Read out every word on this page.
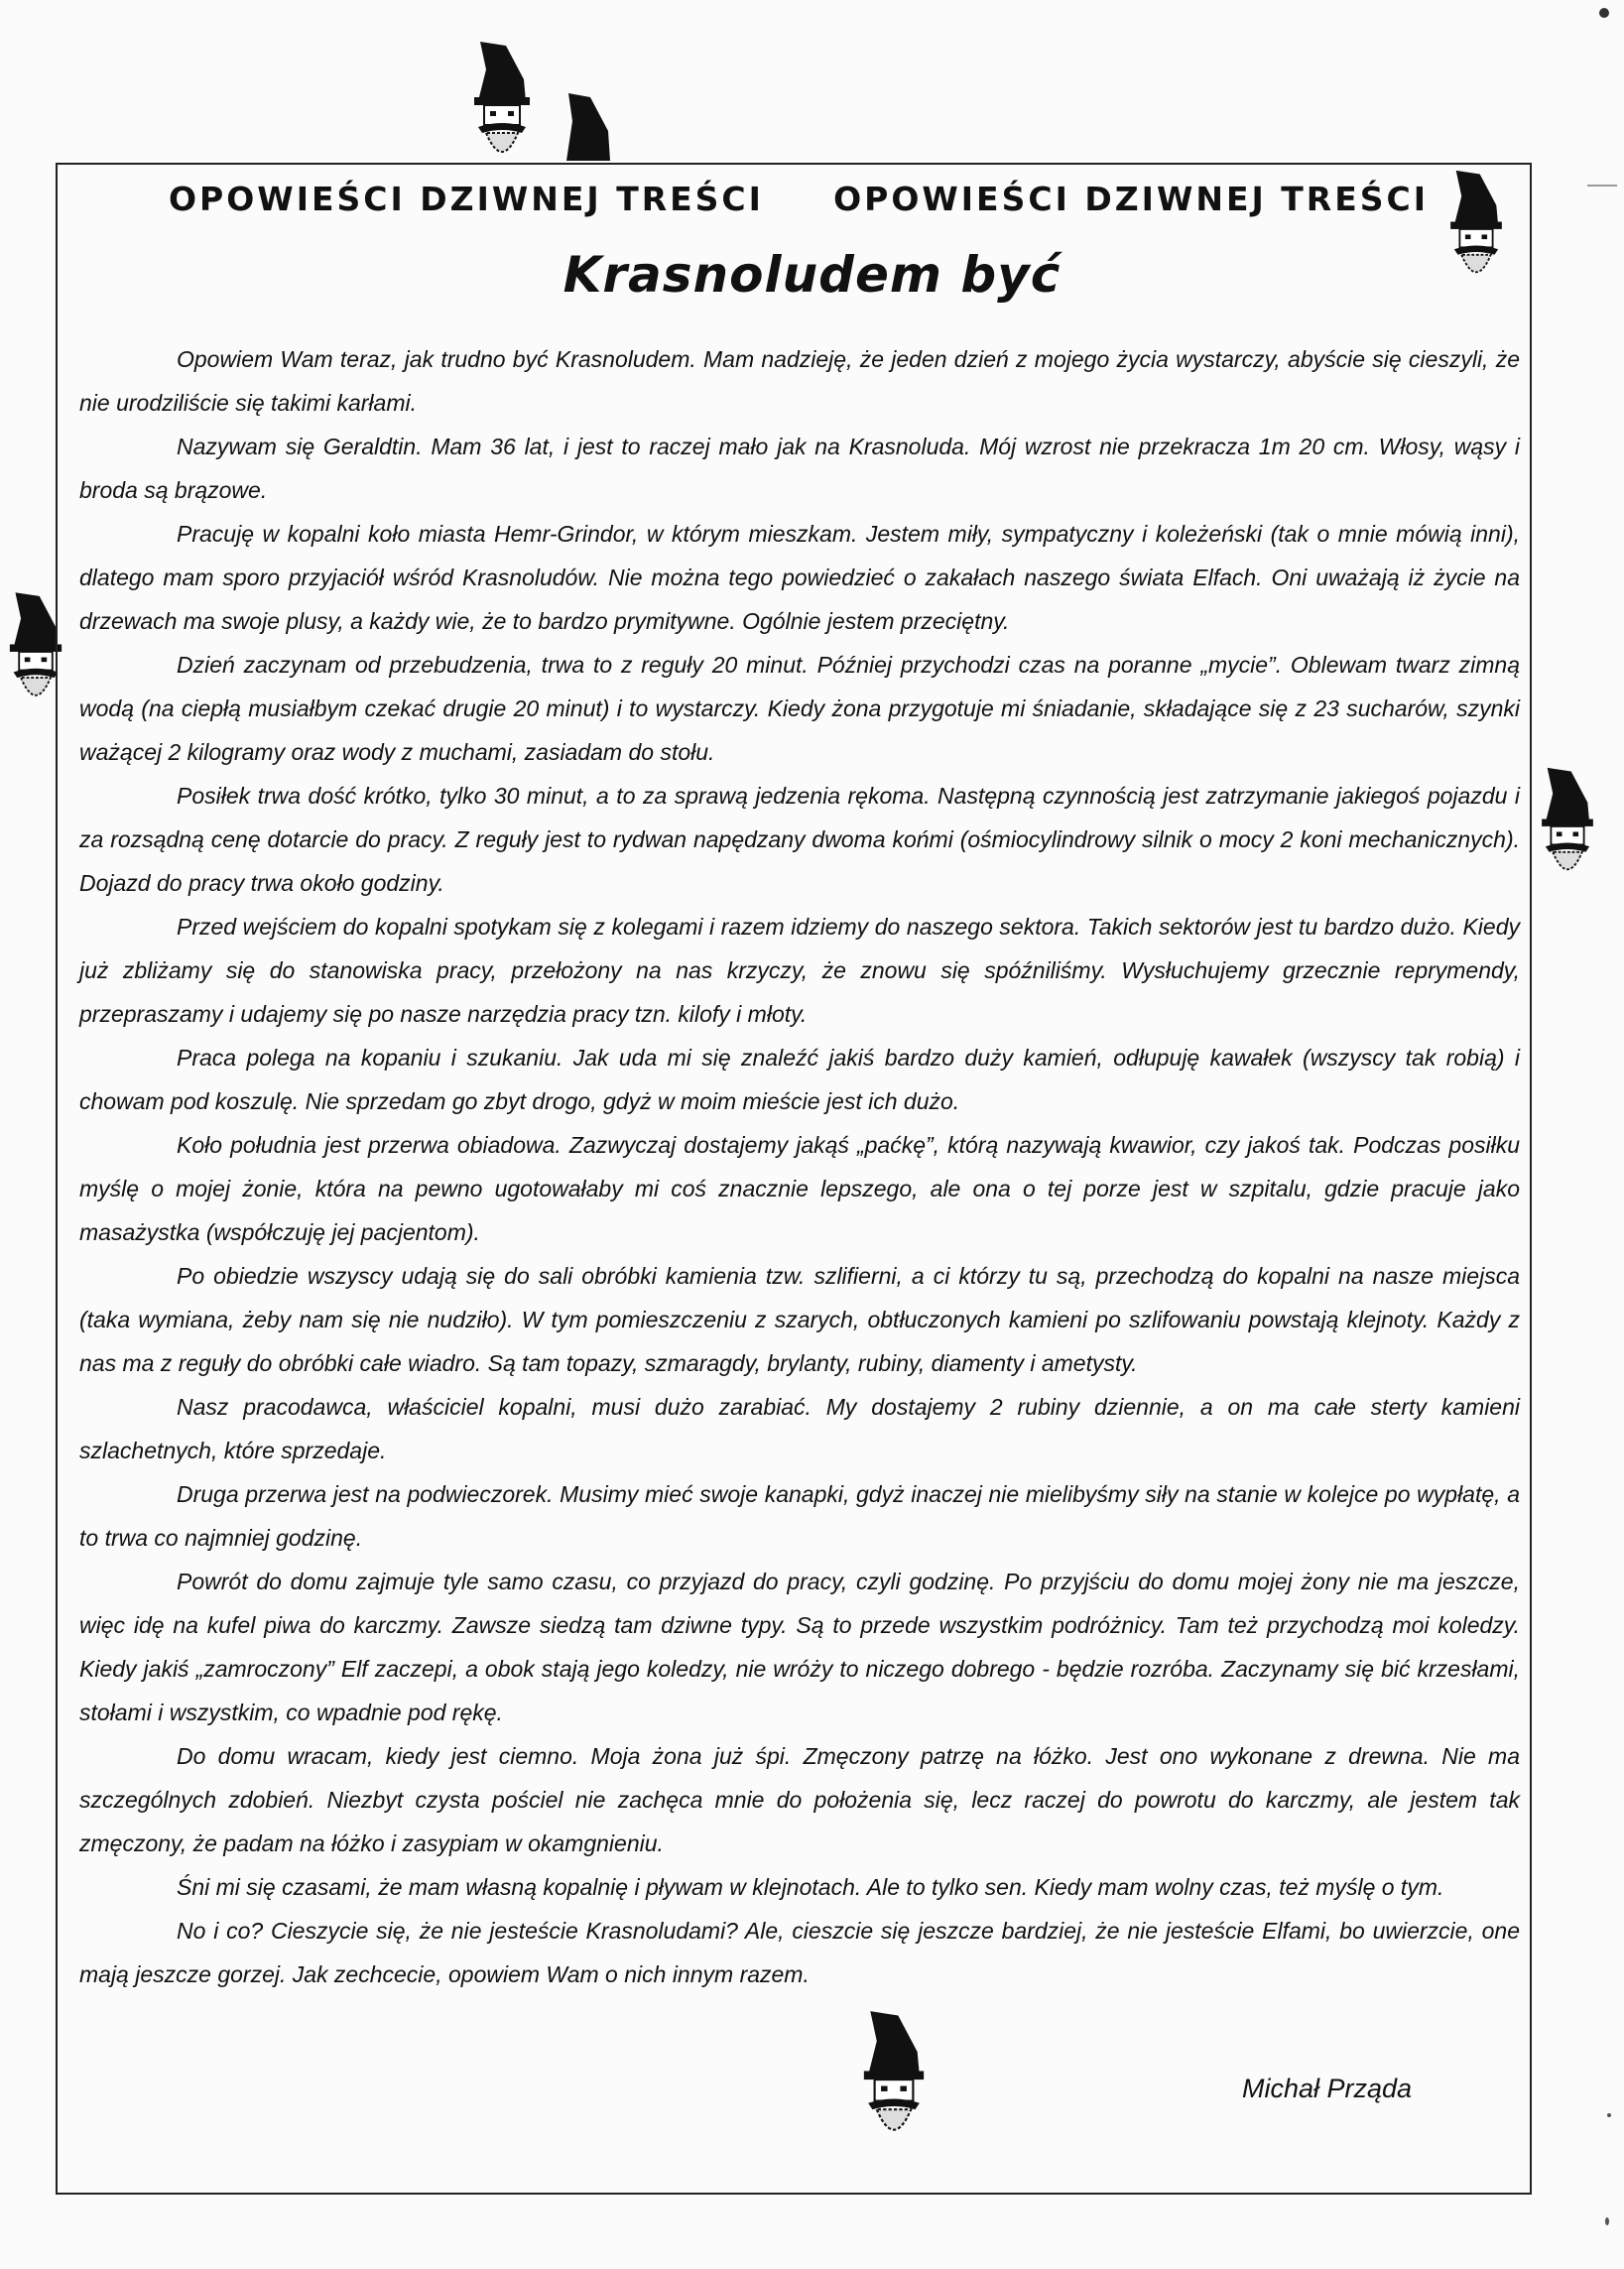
OPOWIEŚCI DZIWNEJ TREŚCI OPOWIEŚCI DZIWNEJ TREŚCI
Krasnoludem być

Opowiem Wam teraz, jak trudno być Krasnoludem. Mam nadzieję, że jeden dzień z mojego życia wystarczy, abyście się cieszyli, że nie urodziliście się takimi karłami.

Nazywam się Geraldtin. Mam 36 lat, i jest to raczej mało jak na Krasnoluda. Mój wzrost nie przekracza 1m 20 cm. Włosy, wąsy i broda są brązowe.

Pracuję w kopalni koło miasta Hemr-Grindor, w którym mieszkam. Jestem miły, sympatyczny i koleżeński (tak o mnie mówią inni), dlatego mam sporo przyjaciół wśród Krasnoludów. Nie można tego powiedzieć o zakałach naszego świata Elfach. Oni uważają iż życie na drzewach ma swoje plusy, a każdy wie, że to bardzo prymitywne. Ogólnie jestem przeciętny.

Dzień zaczynam od przebudzenia, trwa to z reguły 20 minut. Później przychodzi czas na poranne „mycie”. Oblewam twarz zimną wodą (na ciepłą musiałbym czekać drugie 20 minut) i to wystarczy. Kiedy żona przygotuje mi śniadanie, składające się z 23 sucharów, szynki ważącej 2 kilogramy oraz wody z muchami, zasiadam do stołu.

Posiłek trwa dość krótko, tylko 30 minut, a to za sprawą jedzenia rękoma. Następną czynnością jest zatrzymanie jakiegoś pojazdu i za rozsądną cenę dotarcie do pracy. Z reguły jest to rydwan napędzany dwoma końmi (ośmiocylindrowy silnik o mocy 2 koni mechanicznych). Dojazd do pracy trwa około godziny.

Przed wejściem do kopalni spotykam się z kolegami i razem idziemy do naszego sektora. Takich sektorów jest tu bardzo dużo. Kiedy już zbliżamy się do stanowiska pracy, przełożony na nas krzyczy, że znowu się spóźniliśmy. Wysłuchujemy grzecznie reprymendy, przepraszamy i udajemy się po nasze narzędzia pracy tzn. kilofy i młoty.

Praca polega na kopaniu i szukaniu. Jak uda mi się znaleźć jakiś bardzo duży kamień, odłupuję kawałek (wszyscy tak robią) i chowam pod koszulę. Nie sprzedam go zbyt drogo, gdyż w moim mieście jest ich dużo.

Koło południa jest przerwa obiadowa. Zazwyczaj dostajemy jakąś „paćkę”, którą nazywają kwawior, czy jakoś tak. Podczas posiłku myślę o mojej żonie, która na pewno ugotowałaby mi coś znacznie lepszego, ale ona o tej porze jest w szpitalu, gdzie pracuje jako masażystka (współczuję jej pacjentom).

Po obiedzie wszyscy udają się do sali obróbki kamienia tzw. szlifierni, a ci którzy tu są, przechodzą do kopalni na nasze miejsca (taka wymiana, żeby nam się nie nudziło). W tym pomieszczeniu z szarych, obtłuczonych kamieni po szlifowaniu powstają klejnoty. Każdy z nas ma z reguły do obróbki całe wiadro. Są tam topazy, szmaragdy, brylanty, rubiny, diamenty i ametysty.

Nasz pracodawca, właściciel kopalni, musi dużo zarabiać. My dostajemy 2 rubiny dziennie, a on ma całe sterty kamieni szlachetnych, które sprzedaje.

Druga przerwa jest na podwieczorek. Musimy mieć swoje kanapki, gdyż inaczej nie mielibyśmy siły na stanie w kolejce po wypłatę, a to trwa co najmniej godzinę.

Powrót do domu zajmuje tyle samo czasu, co przyjazd do pracy, czyli godzinę. Po przyjściu do domu mojej żony nie ma jeszcze, więc idę na kufel piwa do karczmy. Zawsze siedzą tam dziwne typy. Są to przede wszystkim podróżnicy. Tam też przychodzą moi koledzy. Kiedy jakiś „zamroczony” Elf zaczepi, a obok stają jego koledzy, nie wróży to niczego dobrego - będzie rozróba. Zaczynamy się bić krzesłami, stołami i wszystkim, co wpadnie pod rękę.

Do domu wracam, kiedy jest ciemno. Moja żona już śpi. Zmęczony patrzę na łóżko. Jest ono wykonane z drewna. Nie ma szczególnych zdobień. Niezbyt czysta pościel nie zachęca mnie do położenia się, lecz raczej do powrotu do karczmy, ale jestem tak zmęczony, że padam na łóżko i zasypiam w okamgnieniu.

Śni mi się czasami, że mam własną kopalnię i pływam w klejnotach. Ale to tylko sen. Kiedy mam wolny czas, też myślę o tym.

No i co? Cieszycie się, że nie jesteście Krasnoludami? Ale, cieszcie się jeszcze bardziej, że nie jesteście Elfami, bo uwierzcie, one mają jeszcze gorzej. Jak zechcecie, opowiem Wam o nich innym razem.

Michał Prząda
